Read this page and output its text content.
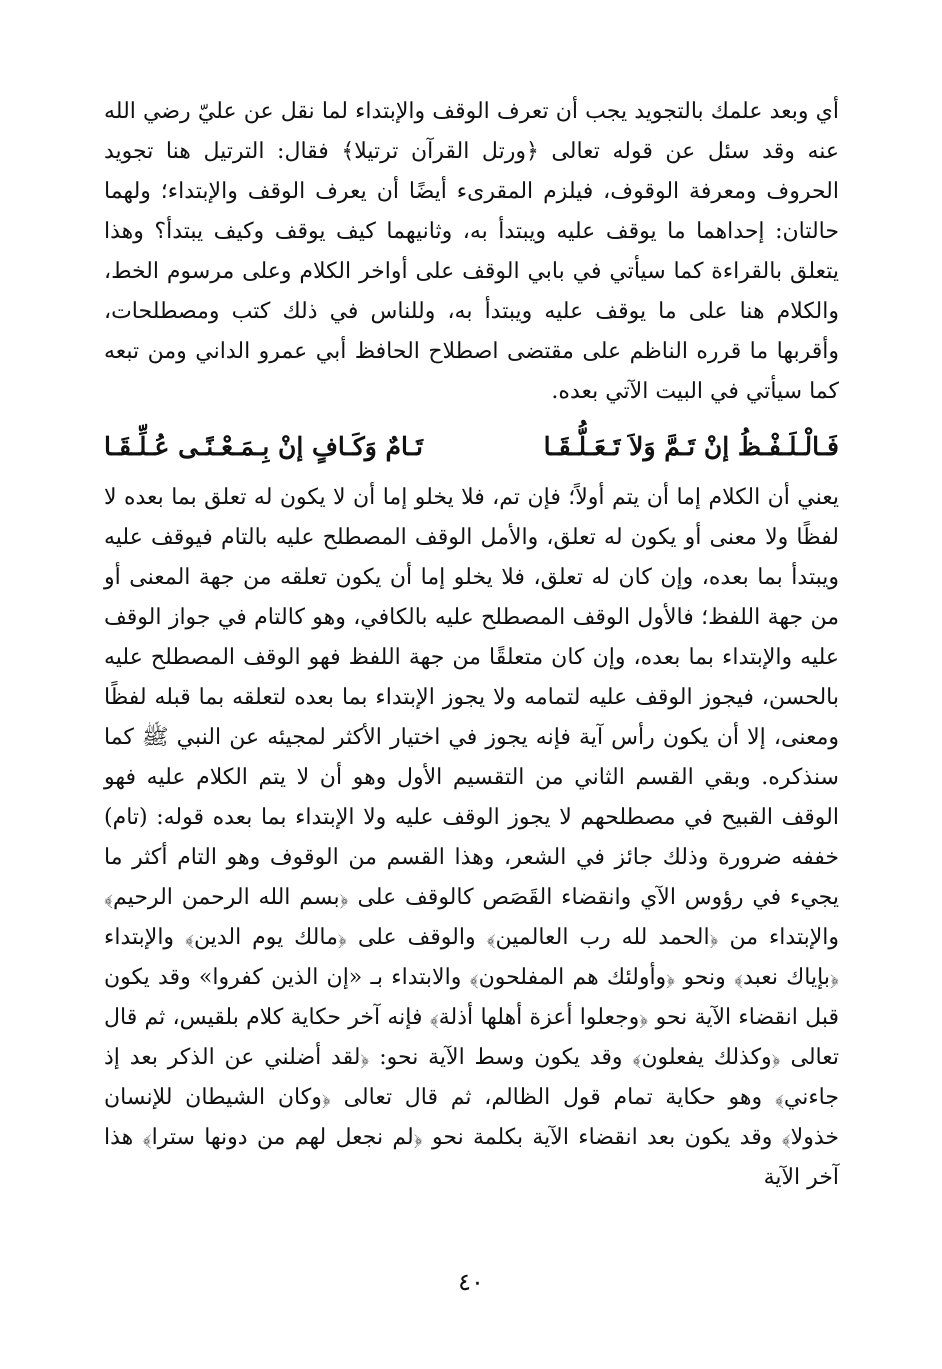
أي وبعد علمك بالتجويد يجب أن تعرف الوقف والإبتداء لما نقل عن عليّ رضي الله عنه وقد سئل عن قوله تعالى ﴿ورتل القرآن ترتيلا﴾ فقال: الترتيل هنا تجويد الحروف ومعرفة الوقوف، فيلزم المقرىء أيضًا أن يعرف الوقف والإبتداء؛ ولهما حالتان: إحداهما ما يوقف عليه ويبتدأ به، وثانيهما كيف يوقف وكيف يبتدأ؟ وهذا يتعلق بالقراءة كما سيأتي في بابي الوقف على أواخر الكلام وعلى مرسوم الخط، والكلام هنا على ما يوقف عليه ويبتدأ به، وللناس في ذلك كتب ومصطلحات، وأقربها ما قرره الناظم على مقتضى اصطلاح الحافظ أبي عمرو الداني ومن تبعه كما سيأتي في البيت الآتي بعده.

فَـالْـلَـفْـظُ إنْ تَـمَّ وَلاَ تَـعَـلُّـقَـا
تَـامٌ وَكَـافٍ إنْ بِـمَـعْـنًـى عُـلِّـقَـا

يعني أن الكلام إما أن يتم أولاً؛ فإن تم، فلا يخلو إما أن لا يكون له تعلق بما بعده لا لفظًا ولا معنى أو يكون له تعلق، والأمل الوقف المصطلح عليه بالتام فيوقف عليه ويبتدأ بما بعده، وإن كان له تعلق، فلا يخلو إما أن يكون تعلقه من جهة المعنى أو من جهة اللفظ؛ فالأول الوقف المصطلح عليه بالكافي، وهو كالتام في جواز الوقف عليه والإبتداء بما بعده، وإن كان متعلقًا من جهة اللفظ فهو الوقف المصطلح عليه بالحسن، فيجوز الوقف عليه لتمامه ولا يجوز الإبتداء بما بعده لتعلقه بما قبله لفظًا ومعنى، إلا أن يكون رأس آية فإنه يجوز في اختيار الأكثر لمجيئه عن النبي ﷺ كما سنذكره. وبقي القسم الثاني من التقسيم الأول وهو أن لا يتم الكلام عليه فهو الوقف القبيح في مصطلحهم لا يجوز الوقف عليه ولا الإبتداء بما بعده قوله: (تام) خففه ضرورة وذلك جائز في الشعر، وهذا القسم من الوقوف وهو التام أكثر ما يجيء في رؤوس الآي وانقضاء القَصَص كالوقف على ﴿بسم الله الرحمن الرحيم﴾ والإبتداء من ﴿الحمد لله رب العالمين﴾ والوقف على ﴿مالك يوم الدين﴾ والإبتداء ﴿بإياك نعبد﴾ ونحو ﴿وأولئك هم المفلحون﴾ والابتداء بـ «إن الذين كفروا» وقد يكون قبل انقضاء الآية نحو ﴿وجعلوا أعزة أهلها أذلة﴾ فإنه آخر حكاية كلام بلقيس، ثم قال تعالى ﴿وكذلك يفعلون﴾ وقد يكون وسط الآية نحو: ﴿لقد أضلني عن الذكر بعد إذ جاءني﴾ وهو حكاية تمام قول الظالم، ثم قال تعالى ﴿وكان الشيطان للإنسان خذولا﴾ وقد يكون بعد انقضاء الآية بكلمة نحو ﴿لم نجعل لهم من دونها سترا﴾ هذا آخر الآية

٤٠
